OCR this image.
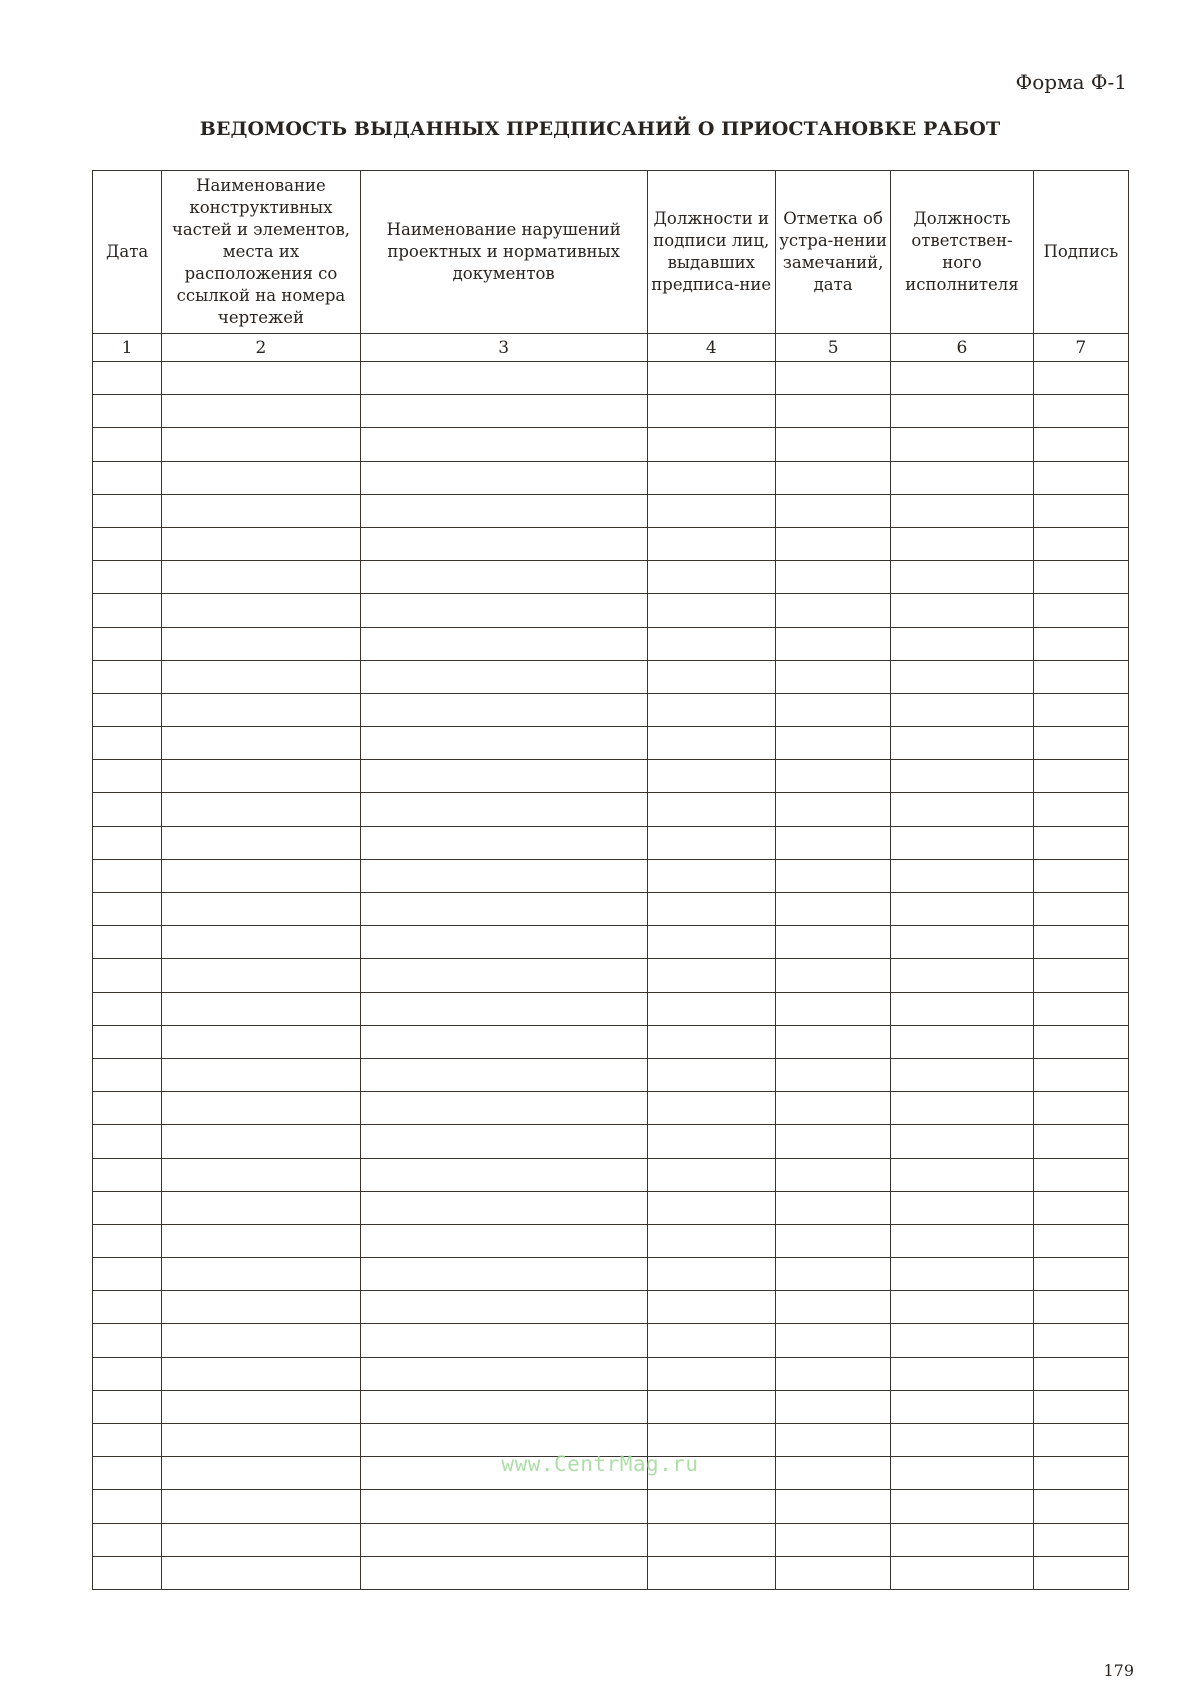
Форма Ф-1
ВЕДОМОСТЬ ВЫДАННЫХ ПРЕДПИСАНИЙ О ПРИОСТАНОВКЕ РАБОТ
Дата	Наименование конструктивных частей и элементов, места их расположения со ссылкой на номера чертежей	Наименование нарушений проектных и нормативных документов	Должности и подписи лиц, выдавших предписа-ние	Отметка об устра-нении замечаний, дата	Должность ответствен-ного исполнителя	Подпись
1	2	3	4	5	6	7

www.CentrMag.ru
179
